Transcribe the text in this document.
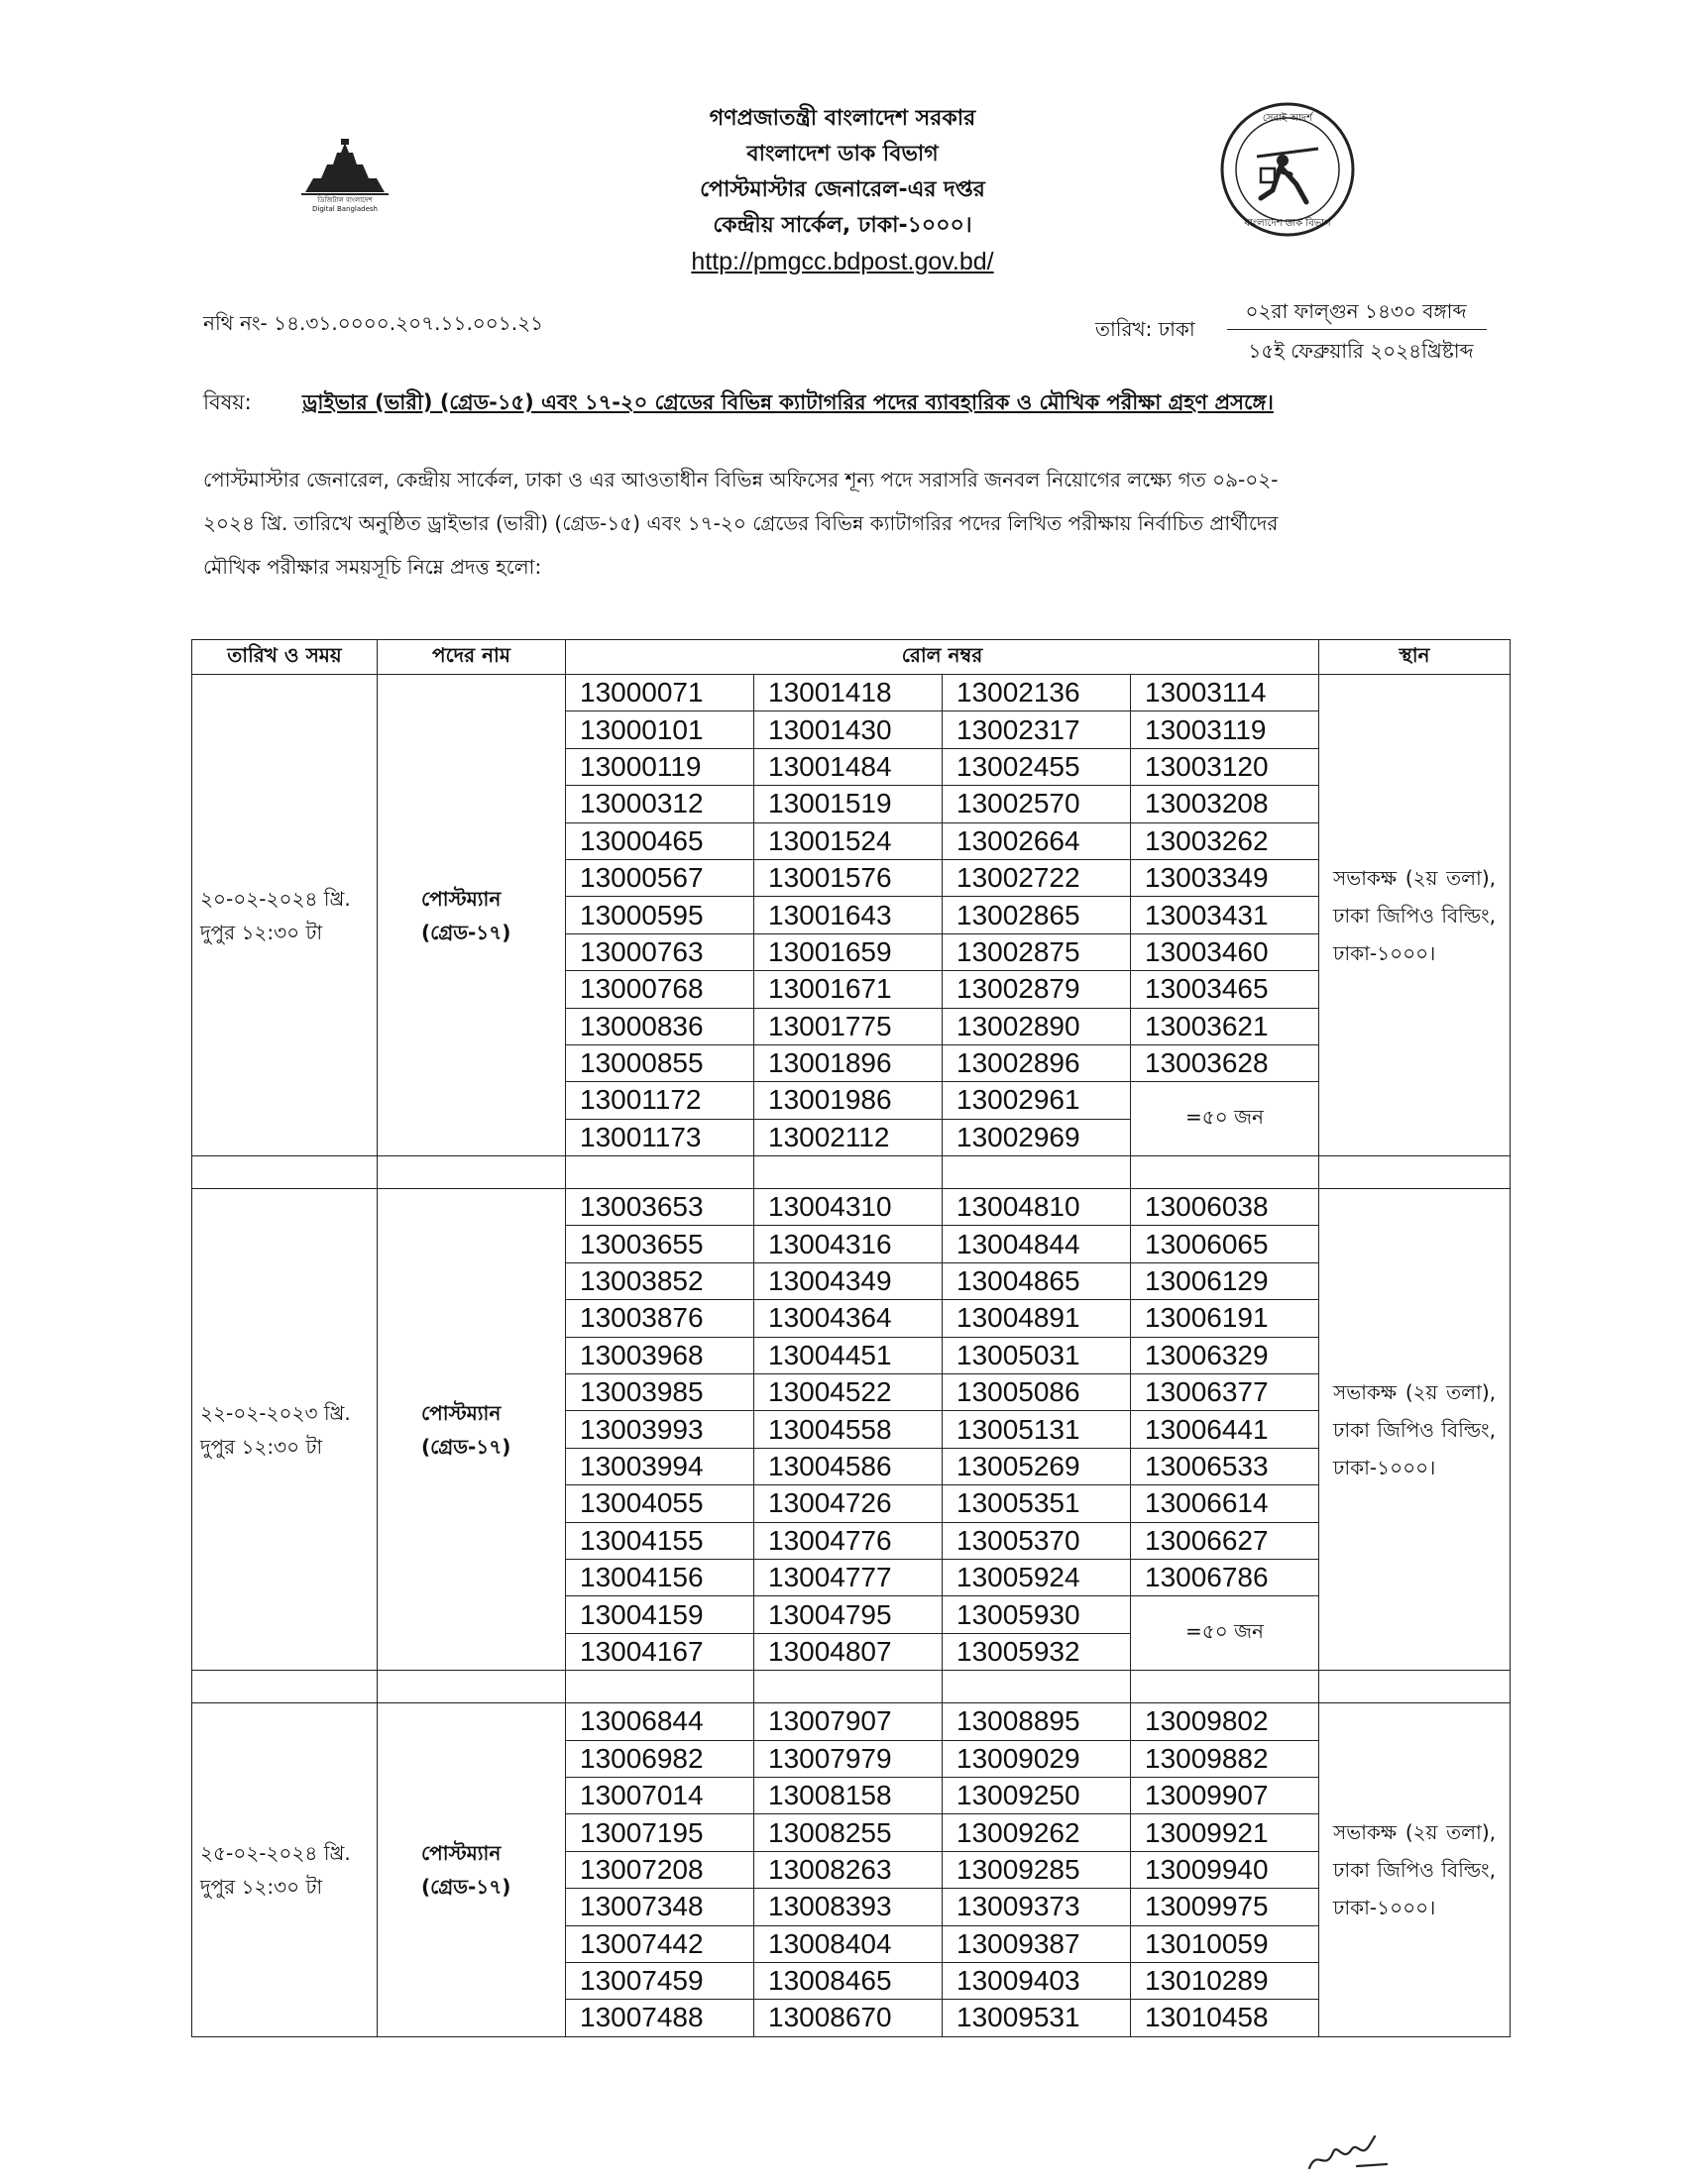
ডিজিটাল বাংলাদেশ
Digital Bangladesh
সেবাই আদর্শ
বাংলাদেশ ডাক বিভাগ
গণপ্রজাতন্ত্রী বাংলাদেশ সরকার
বাংলাদেশ ডাক বিভাগ
পোস্টমাস্টার জেনারেল-এর দপ্তর
কেন্দ্রীয় সার্কেল, ঢাকা-১০০০।
http://pmgcc.bdpost.gov.bd/
নথি নং- ১৪.৩১.০০০০.২০৭.১১.০০১.২১	তারিখ: ঢাকা
০২রা ফাল্গুন ১৪৩০ বঙ্গাব্দ
১৫ই ফেব্রুয়ারি ২০২৪খ্রিষ্টাব্দ
বিষয়: ড্রাইভার (ভারী) (গ্রেড-১৫) এবং ১৭-২০ গ্রেডের বিভিন্ন ক্যাটাগরির পদের ব্যাবহারিক ও মৌখিক পরীক্ষা গ্রহণ প্রসঙ্গে।
পোস্টমাস্টার জেনারেল, কেন্দ্রীয় সার্কেল, ঢাকা ও এর আওতাধীন বিভিন্ন অফিসের শূন্য পদে সরাসরি জনবল নিয়োগের লক্ষ্যে গত ০৯-০২-
২০২৪ খ্রি. তারিখে অনুষ্ঠিত ড্রাইভার (ভারী) (গ্রেড-১৫) এবং ১৭-২০ গ্রেডের বিভিন্ন ক্যাটাগরির পদের লিখিত পরীক্ষায় নির্বাচিত প্রার্থীদের
মৌখিক পরীক্ষার সময়সূচি নিম্নে প্রদত্ত হলো:
তারিখ ও সময়	পদের নাম	রোল নম্বর				স্থান
২০-০২-২০২৪ খ্রি. দুপুর ১২:৩০ টা	পোস্টম্যান (গ্রেড-১৭)	13000071	13001418	13002136	13003114	সভাকক্ষ (২য় তলা), ঢাকা জিপিও বিল্ডিং, ঢাকা-১০০০।
		13000101	13001430	13002317	13003119	
		13000119	13001484	13002455	13003120	
		13000312	13001519	13002570	13003208	
		13000465	13001524	13002664	13003262	
		13000567	13001576	13002722	13003349	
		13000595	13001643	13002865	13003431	
		13000763	13001659	13002875	13003460	
		13000768	13001671	13002879	13003465	
		13000836	13001775	13002890	13003621	
		13000855	13001896	13002896	13003628	
		13001172	13001986	13002961	=৫০ জন	
		13001173	13002112	13002969		

২২-০২-২০২৩ খ্রি. দুপুর ১২:৩০ টা	পোস্টম্যান (গ্রেড-১৭)	13003653	13004310	13004810	13006038	সভাকক্ষ (২য় তলা), ঢাকা জিপিও বিল্ডিং, ঢাকা-১০০০।
		13003655	13004316	13004844	13006065	
		13003852	13004349	13004865	13006129	
		13003876	13004364	13004891	13006191	
		13003968	13004451	13005031	13006329	
		13003985	13004522	13005086	13006377	
		13003993	13004558	13005131	13006441	
		13003994	13004586	13005269	13006533	
		13004055	13004726	13005351	13006614	
		13004155	13004776	13005370	13006627	
		13004156	13004777	13005924	13006786	
		13004159	13004795	13005930	=৫০ জন	
		13004167	13004807	13005932		

২৫-০২-২০২৪ খ্রি. দুপুর ১২:৩০ টা	পোস্টম্যান (গ্রেড-১৭)	13006844	13007907	13008895	13009802	সভাকক্ষ (২য় তলা), ঢাকা জিপিও বিল্ডিং, ঢাকা-১০০০।
		13006982	13007979	13009029	13009882	
		13007014	13008158	13009250	13009907	
		13007195	13008255	13009262	13009921	
		13007208	13008263	13009285	13009940	
		13007348	13008393	13009373	13009975	
		13007442	13008404	13009387	13010059	
		13007459	13008465	13009403	13010289	
		13007488	13008670	13009531	13010458	
